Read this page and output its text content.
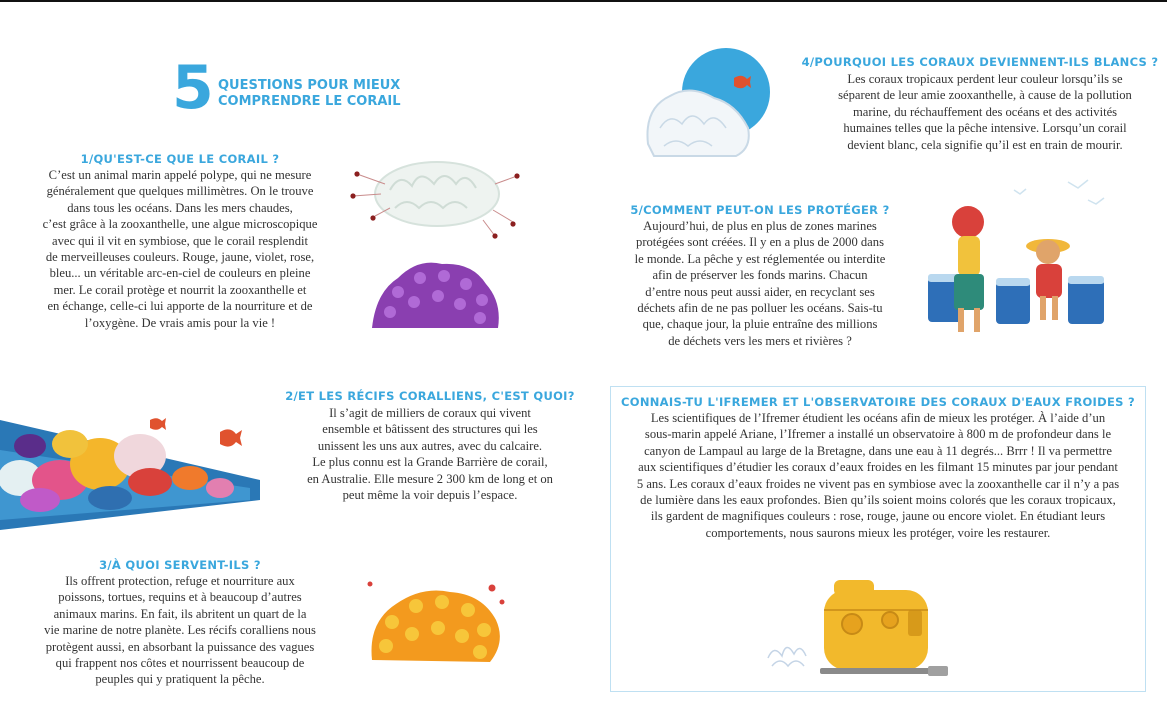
5 QUESTIONS POUR MIEUX
COMPRENDRE LE CORAIL
1/QU'EST-CE QUE LE CORAIL ?
C’est un animal marin appelé polype, qui ne mesure
généralement que quelques millimètres. On le trouve
dans tous les océans. Dans les mers chaudes,
c’est grâce à la zooxanthelle, une algue microscopique
avec qui il vit en symbiose, que le corail resplendit
de merveilleuses couleurs. Rouge, jaune, violet, rose,
bleu... un véritable arc-en-ciel de couleurs en pleine
mer. Le corail protège et nourrit la zooxanthelle et
en échange, celle-ci lui apporte de la nourriture et de
l’oxygène. De vrais amis pour la vie !
2/ET LES RÉCIFS CORALLIENS, C'EST QUOI?
Il s’agit de milliers de coraux qui vivent
ensemble et bâtissent des structures qui les
unissent les uns aux autres, avec du calcaire.
Le plus connu est la Grande Barrière de corail,
en Australie. Elle mesure 2 300 km de long et on
peut même la voir depuis l’espace.
3/À QUOI SERVENT-ILS ?
Ils offrent protection, refuge et nourriture aux
poissons, tortues, requins et à beaucoup d’autres
animaux marins. En fait, ils abritent un quart de la
vie marine de notre planète. Les récifs coralliens nous
protègent aussi, en absorbant la puissance des vagues
qui frappent nos côtes et nourrissent beaucoup de
peuples qui y pratiquent la pêche.
4/POURQUOI LES CORAUX DEVIENNENT-ILS BLANCS ?
Les coraux tropicaux perdent leur couleur lorsqu’ils se
séparent de leur amie zooxanthelle, à cause de la pollution
marine, du réchauffement des océans et des activités
humaines telles que la pêche intensive. Lorsqu’un corail
devient blanc, cela signifie qu’il est en train de mourir.
5/COMMENT PEUT-ON LES PROTÉGER ?
Aujourd’hui, de plus en plus de zones marines
protégées sont créées. Il y en a plus de 2000 dans
le monde. La pêche y est réglementée ou interdite
afin de préserver les fonds marins. Chacun
d’entre nous peut aussi aider, en recyclant ses
déchets afin de ne pas polluer les océans. Sais-tu
que, chaque jour, la pluie entraîne des millions
de déchets vers les mers et rivières ?
CONNAIS-TU L'IFREMER ET L'OBSERVATOIRE DES CORAUX D'EAUX FROIDES ?
Les scientifiques de l’Ifremer étudient les océans afin de mieux les protéger. À l’aide d’un
sous-marin appelé Ariane, l’Ifremer a installé un observatoire à 800 m de profondeur dans le
canyon de Lampaul au large de la Bretagne, dans une eau à 11 degrés... Brrr ! Il va permettre
aux scientifiques d’étudier les coraux d’eaux froides en les filmant 15 minutes par jour pendant
5 ans. Les coraux d’eaux froides ne vivent pas en symbiose avec la zooxanthelle car il n’y a pas
de lumière dans les eaux profondes. Bien qu’ils soient moins colorés que les coraux tropicaux,
ils gardent de magnifiques couleurs : rose, rouge, jaune ou encore violet. En étudiant leurs
comportements, nous saurons mieux les protéger, voire les restaurer.
